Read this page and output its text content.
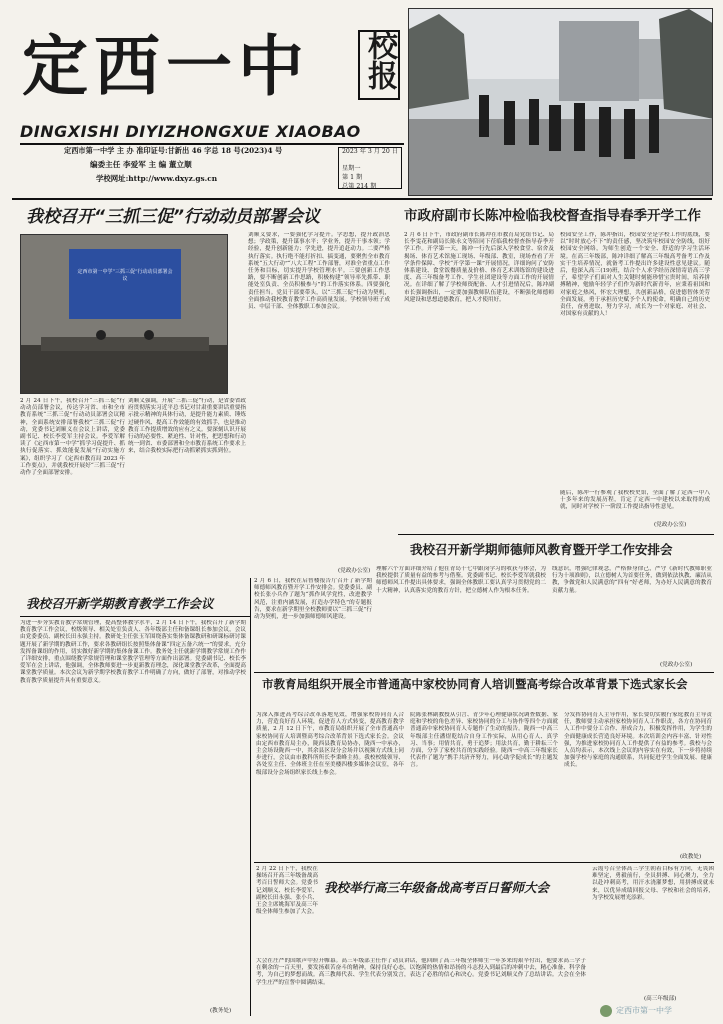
定西一中 校报
DINGXISHI DIYIZHONGXUE XIAOBAO
定西市第一中学 主 办 准印证号:甘新出 46 字总 18 号(2023)4 号
编委主任 李爱军 主 编 董立顺
学校网址:http://www.dxyz.gs.cn
2023 年 3 月 20 日
星期一
第 1 期
总第 214 期
我校召开“三抓三促”行动动员部署会议
定西市第一中学“三抓三促”行动动员部署会议
2 月 24 日下午，我校召开“三抓三促”行动动员部署会议，传达学习省、市和全市教育系统“三抓三促”行动动员部署会议精神，全面系统安排部署我校“三抓三促”行动，党委书记刘顺义在会议上讲话，党委副书记、校长李爱军主持会议。李爱军解读了《定西市第一中学“抓学习促提升、抓执行促落实、抓效能促发展”行动实施方案》，组织学习了《定西市教育局 2023 年工作要点》，并就我校开展好“三抓三促”行动作了全面部署安排。
刘顺义强调，开展“三抓三促”行动，是省委省政府贯彻落实习近平总书记对甘肃重要讲话重要指示批示精神的具体行动，是提升能力素质、锤炼过硬作风、提高工作效能的有效抓手，也是推动教育工作提质增效的应有之义。要深刻认识开展行动的必要性、紧迫性、针对性，把思想和行动统一到省、市委部署和全市教育系统工作要求上来，结合我校实际把行动抓紧抓实抓到位。
刘顺义要求，一要强化学习提升。学思想，提升政治思想；学政策，提升谋事水平；学业务，提升干事本领；学经验，提升创新能力；学先进，提升追赶动力。二要严格执行落实。执行绝不能打折扣、搞变通，要聚焦全市教育系统“五大行动”“八大工程”工作部署，对准全省重点工作任务和目标，切实提升学校管理水平。三要创新工作思路，要不断创新工作思路，积极构建“领导率先抓带、职能处室负责、全员积极参与”的工作落实体系。四要强化责任担当。党员干部要带头，以“三抓三促”行动为契机，全面推动我校教育教学工作高质量发展。学校领导班子成员、中层干部、全体教职工参加会议。
(党政办公室)
市政府副市长陈冲检临我校督查指导春季开学工作
2 月 6 日下午，市政府副市长陈冲在市教育局党组书记、局长李雯花和副局长陈永文等陪同下莅临我校督查指导春季开学工作。开学第一天，陈冲一行先后深入学校食堂、宿舍及揭场、体育艺术馆施工现场、年级部、教室，现场查看了开学条件保障、学校“开学第一课”开展情况，详细询问了安防体系建设、食堂饭餐质量及价格、体育艺术训练馆的建设进度、高三年级备考工作、学生社团建设等方面工作的开展情况。在详细了解了学校师资配备、人才引进情况后，陈冲副市长强调指出，一定要加强教师队伍建设，不断强化师德师风建设和思想道德教育，把人才使用好。
校园安全工作，陈冲指出，校园安全是学校工作的底线，要以“时时放心不下”的责任感，坚决筑牢校园安全防线，组好校园安全网络，为师生创造一个安全、舒适的学习生活环境。在高三年级部，陈冲详细了解高三年级高考备考工作及实干生培养情况，就备考工作提出许多建设性意见建议。随后，他深入高三(19)班，结合个人求学经历深情寄语高三学子，希望学子们面对人生关键时刻能珍惜宝贵时间，培养拼搏精神，勉励年轻学子们作为新时代新青年，应秉着祖国和对家庭之热风，怀宏大理想，共创新品格，促进德智体美劳全面发展，勇于承担历史赋予个人的使命，明确自己的历史责任，奋勇进取，努力学习，成长为一个对家庭、对社会、对国家有贡献的人！
随后，陈冲一行参观了我校校史馆，全面了解了定西一中八十多年来的发展历程，肯定了定西一中建校以来取得的成就，同时对学校下一阶段工作提出指导性意见。
(党政办公室)
我校召开新学期师德师风教育暨开学工作安排会
2 月 6 日，我校在启智楼报告厅召开了新学期师德师风教育暨开学工作安排会。党委委员、副校长张小兵作了题为“抓作风学党性，改进教学风范，注重内涵发展，打造办学特色”的专题报告，要求在新学期里全校教师要以“三抓三促”行动为契机，进一步加强师德师风建设。
理解六个方面详细介绍了他在青岛十七中跟岗学习的收获与体会，为我校提供了质量有益的参考与借鉴。党委副书记、校长李爱军就我校师德师风工作提出具体要求，强调全体教职工要认真学习贯彻党的二十大精神，认真落实党的教育方针，把立德树人作为根本任务。
线意识，增强纪律观念，严格修身律己，严守《新时代教师职业行为十项准则》，以立德树人为首要任务，做到依法执教、廉洁从教，争做党和人民满意的“四有”好老师，为办好人民满意的教育贡献力量。
(党政办公室)
我校召开新学期教育教学工作会议
为进一步夯实教育教学常规管理，提高整体教学水平，2 月 14 日下午，我校召开了新学期教育教学工作会议，校级领导、相关处室负责人、各年级部主任和备课组长参加会议，会议由党委委员、副校长田永强主持。教研处主任张玉军围绕落实集体备课教研和研课标研讨课题开展了新学期的教研工作，要求各教研组长按照集体备课“四定五备六统一”的要求，充分发挥备课组的作用，切实做好新学期的集体备课工作。教务处主任就新学期教学常规工作作了详细安排，重点围绕教学常规管理和课堂教学管理等方面作出部署。党委副书记、校长李爱军在会上讲话，他强调，全体教师要进一步更新教育理念，深化课堂教学改革，全面提高课堂教学质量。本次会议为新学期学校教育教学工作明确了方向，做好了部署，对推动学校教育教学质量提升具有重要意义。
(教务处)
市教育局组织开展全市普通高中家校协同育人培训暨高考综合改革背景下选式家长会
为深入推进高考综合改革落地见效，增强家校协同育人合力，营造良好育人环境，促进育人方式转变，提高教育教学质量，2 月 12 日下午，市教育局组织开展了全市普通高中家校协同育人培训暨高考综合改革背景下选式家长会。会议由定西市教育局主办，陇西县教育局协办，陇西一中承办，主会场设陇西一中，其余县区设分会场并以视频方式线上同步进行，会议由市教科所所长李秉峰主持。我校校级领导、各处室主任、全体班主任在至美楼四楼多媒体会议室，各年级部设分会场组织家长线上参会。
院陈张林副教授从引言、青少年心理健康状况调查数据、家庭和学校的角色差异、家校协同的分工与协作等四个方面就普通高中家校协同育人专题作了生动的报告。陇西一中高三年级部主任潘煜乾结合自身工作实际，从用心育人、真学习、当事；用情共育，勇于追梦；用法共育，勤于耕耘三个方面，分享了家校共育的实践经验。陇西一中高三年级家长代表作了题为“携手共济齐努力，同心助学促成长”的主题发言。
分发挥协同育人主导作用，家长要切实履行家庭教育主导责任，教师要主动承担家校协同育人工作职责，各方在协同育人工作中要分工合作、形成合力，积极发挥作用，为学生的全面健康成长营造良好环境。本次培训会内容丰富、针对性强，为推进家校协同育人工作提供了有益的参考。我校与会人员均表示，本次线上会议的内容实在有效，下一步将持续加强学校与家庭的沟通联系，共同促进学生全面发展、健康成长。
(政教处)
2 月 22 日下午，我校在操场召开高三年级备战高考百日誓师大会。党委书记刘顺义、校长李爱军、副校长田永强、张小兵、王会主席姚海军及高三年级全体师生参加了大会。
我校举行高三年级备战高考百日誓师大会
大会在庄严的国歌声中拉开帷幕。高三年级部主任作了动员讲话，他回顾了高三年级全体师生一年多来的艰辛付出，他要求高三学子在剩余的一百天里，要发扬艰苦奋斗的精神，保持良好心态，以饱满的热情和昂扬的斗志投入到最后的冲刺中去，精心准备、科学备考，为自己的梦想而战。高三教师代表、学生代表分别发言，表达了必胜的信心和决心。党委书记刘顺义作了总结讲话。大会在全体学生庄严的宣誓中圆满结束。
云霞号召全体高三学生朝着目标有方向，无畏困难坚定，勇毅前行，全员拼搏、同心聚力，全力以赴冲刺高考，用汗水浇灌梦想，用拼搏成就未来，以优异成绩回报父母、学校和社会的培养，为学校发展增光添彩。
(高三年级部)
定西市第一中学
